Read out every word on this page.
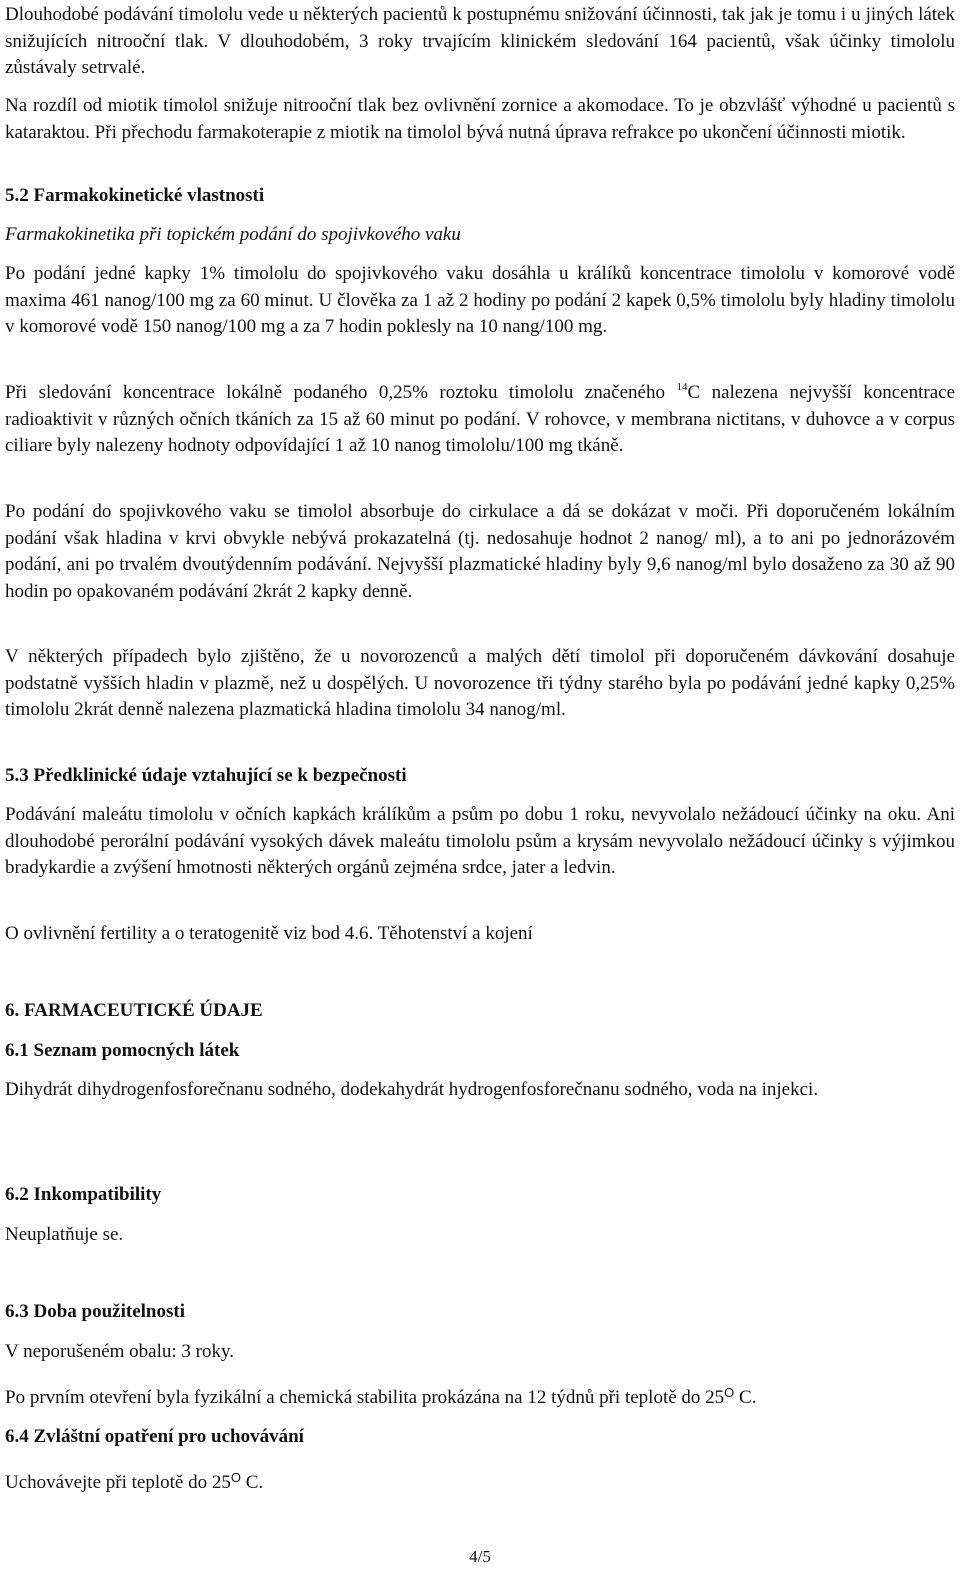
Dlouhodobé podávání timololu vede u některých pacientů k postupnému snižování účinnosti, tak jak je tomu i u jiných látek snižujících nitrooční tlak. V dlouhodobém, 3 roky trvajícím klinickém sledování 164 pacientů, však účinky timololu zůstávaly setrvalé.

Na rozdíl od miotik timolol snižuje nitrooční tlak bez ovlivnění zornice a akomodace. To je obzvlášť výhodné u pacientů s kataraktou. Při přechodu farmakoterapie z miotik na timolol bývá nutná úprava refrakce po ukončení účinnosti miotik.

5.2 Farmakokinetické vlastnosti

Farmakokinetika při topickém podání do spojivkového vaku

Po podání jedné kapky 1% timololu do spojivkového vaku dosáhla u králíků koncentrace timololu v komorové vodě maxima 461 nanog/100 mg za 60 minut. U člověka za 1 až 2 hodiny po podání 2 kapek 0,5% timololu byly hladiny timololu v komorové vodě 150 nanog/100 mg a za 7 hodin poklesly na 10 nang/100 mg.

Při sledování koncentrace lokálně podaného 0,25% roztoku timololu značeného $^{14}$C nalezena nejvyšší koncentrace radioaktivit v různých očních tkáních za 15 až 60 minut po podání. V rohovce, v membrana nictitans, v duhovce a v corpus ciliare byly nalezeny hodnoty odpovídající 1 až 10 nanog timololu/100 mg tkáně.

Po podání do spojivkového vaku se timolol absorbuje do cirkulace a dá se dokázat v moči. Při doporučeném lokálním podání však hladina v krvi obvykle nebývá prokazatelná (tj. nedosahuje hodnot 2 nanog/ ml), a to ani po jednorázovém podání, ani po trvalém dvoutýdenním podávání. Nejvyšší plazmatické hladiny byly 9,6 nanog/ml bylo dosaženo za 30 až 90 hodin po opakovaném podávání 2krát 2 kapky denně.

V některých případech bylo zjištěno, že u novorozenců a malých dětí timolol při doporučeném dávkování dosahuje podstatně vyšších hladin v plazmě, než u dospělých. U novorozence tři týdny starého byla po podávání jedné kapky 0,25% timololu 2krát denně nalezena plazmatická hladina timololu 34 nanog/ml.

5.3 Předklinické údaje vztahující se k bezpečnosti

Podávání maleátu timololu v očních kapkách králíkům a psům po dobu 1 roku, nevyvolalo nežádoucí účinky na oku. Ani dlouhodobé perorální podávání vysokých dávek maleátu timololu psům a krysám nevyvolalo nežádoucí účinky s výjimkou bradykardie a zvýšení hmotnosti některých orgánů zejména srdce, jater a ledvin.

O ovlivnění fertility a o teratogenitě viz bod 4.6. Těhotenství a kojení

6. FARMACEUTICKÉ ÚDAJE
6.1 Seznam pomocných látek

Dihydrát dihydrogenfosforečnanu sodného, dodekahydrát hydrogenfosforečnanu sodného, voda na injekci.

6.2 Inkompatibility

Neuplatňuje se.

6.3 Doba použitelnosti

V neporušeném obalu: 3 roky.

Po prvním otevření byla fyzikální a chemická stabilita prokázána na 12 týdnů při teplotě do $25^O$ C.

6.4 Zvláštní opatření pro uchovávání

Uchovávejte při teplotě do $25^O$ C.

4/5
